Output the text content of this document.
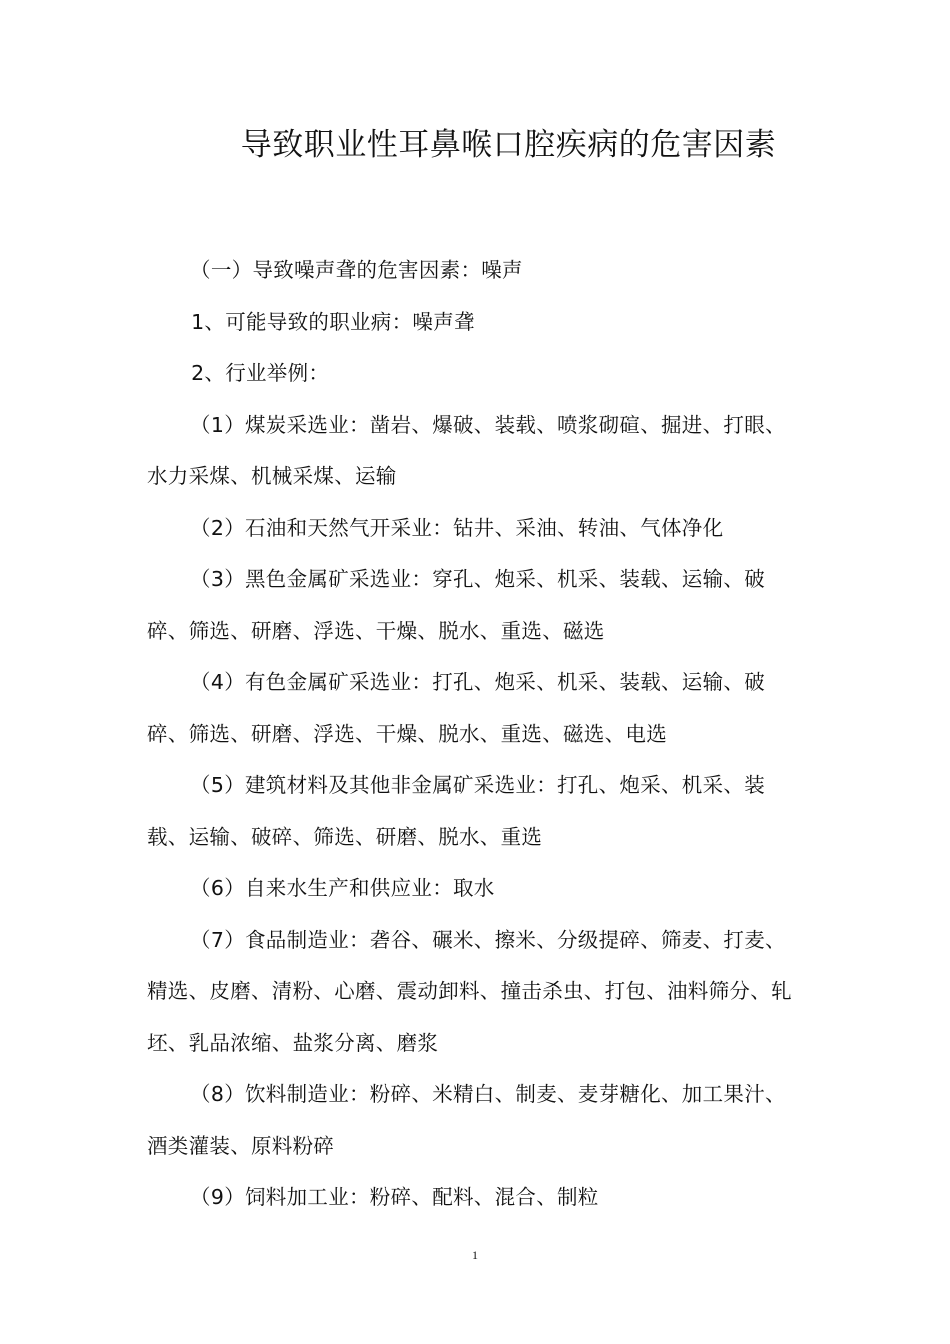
导致职业性耳鼻喉口腔疾病的危害因素

（一）导致噪声聋的危害因素：噪声

1、可能导致的职业病：噪声聋

2、行业举例：

（1）煤炭采选业：凿岩、爆破、装载、喷浆砌碹、掘进、打眼、水力采煤、机械采煤、运输

（2）石油和天然气开采业：钻井、采油、转油、气体净化

（3）黑色金属矿采选业：穿孔、炮采、机采、装载、运输、破碎、筛选、研磨、浮选、干燥、脱水、重选、磁选

（4）有色金属矿采选业：打孔、炮采、机采、装载、运输、破碎、筛选、研磨、浮选、干燥、脱水、重选、磁选、电选

（5）建筑材料及其他非金属矿采选业：打孔、炮采、机采、装载、运输、破碎、筛选、研磨、脱水、重选

（6）自来水生产和供应业：取水

（7）食品制造业：砻谷、碾米、擦米、分级提碎、筛麦、打麦、精选、皮磨、清粉、心磨、震动卸料、撞击杀虫、打包、油料筛分、轧坯、乳品浓缩、盐浆分离、磨浆

（8）饮料制造业：粉碎、米精白、制麦、麦芽糖化、加工果汁、酒类灌装、原料粉碎

（9）饲料加工业：粉碎、配料、混合、制粒

1
